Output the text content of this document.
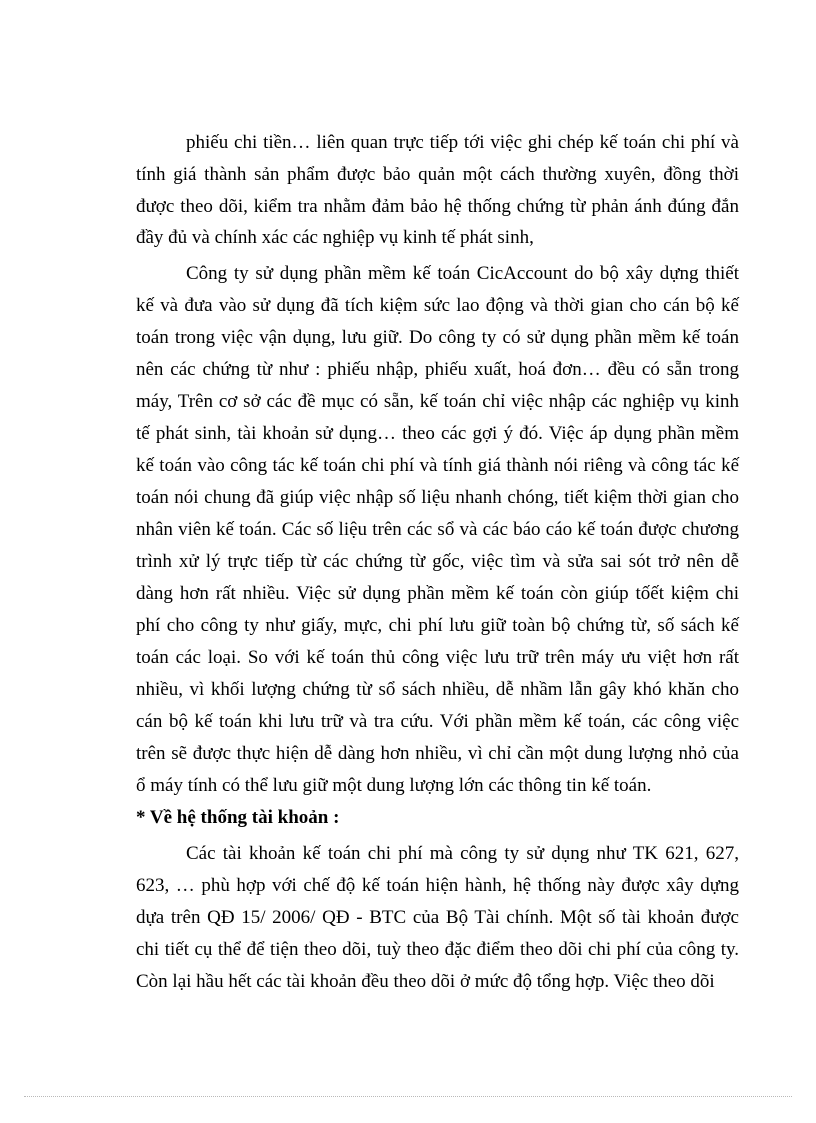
phiếu chi tiền… liên quan trực tiếp tới việc ghi chép kế toán chi phí và
tính giá thành sản phẩm được bảo quản một cách thường xuyên, đồng thời
được theo dõi, kiểm tra nhằm đảm bảo hệ thống chứng từ phản ánh đúng đắn
đầy đủ và chính xác các nghiệp vụ kinh tế phát sinh,
Công ty sử dụng phần mềm kế toán CicAccount do bộ xây dựng thiết
kế và đưa vào sử dụng đã tích kiệm sức lao động và thời gian cho cán bộ kế
toán trong việc vận dụng, lưu giữ. Do công ty có sử dụng phần mềm kế toán
nên các chứng từ như : phiếu nhập, phiếu xuất, hoá đơn… đều có sẵn trong
máy, Trên cơ sở các đề mục có sẵn, kế toán chỉ việc nhập các nghiệp vụ kinh
tế phát sinh, tài khoản sử dụng… theo các gợi ý đó. Việc áp dụng phần mềm
kế toán vào công tác kế toán chi phí và tính giá thành nói riêng và công tác kế
toán nói chung đã giúp việc nhập số liệu nhanh chóng, tiết kiệm thời gian cho
nhân viên kế toán. Các số liệu trên các sổ và các báo cáo kế toán được chương
trình xử lý trực tiếp từ các chứng từ gốc, việc tìm và sửa sai sót trở nên dễ
dàng hơn rất nhiều. Việc sử dụng phần mềm kế toán còn giúp tốết kiệm chi
phí cho công ty như giấy, mực, chi phí lưu giữ toàn bộ chứng từ, số sách kế
toán các loại. So với kế toán thủ công việc lưu trữ trên máy ưu việt hơn rất
nhiều, vì khối lượng chứng từ sổ sách nhiều, dễ nhầm lẫn gây khó khăn cho
cán bộ kế toán khi lưu trữ và tra cứu. Với phần mềm kế toán, các công việc
trên sẽ được thực hiện dễ dàng hơn nhiều, vì chỉ cần một dung lượng nhỏ của
ổ máy tính có thể lưu giữ một dung lượng lớn các thông tin kế toán.
* Về hệ thống tài khoản :
Các tài khoản kế toán chi phí mà công ty sử dụng như TK 621, 627,
623, … phù hợp với chế độ kế toán hiện hành, hệ thống này được xây dựng
dựa trên QĐ 15/ 2006/ QĐ - BTC của Bộ Tài chính. Một số tài khoản được
chi tiết cụ thể để tiện theo dõi, tuỳ theo đặc điểm theo dõi chi phí của công ty.
Còn lại hầu hết các tài khoản đều theo dõi ở mức độ tổng hợp. Việc theo dõi
